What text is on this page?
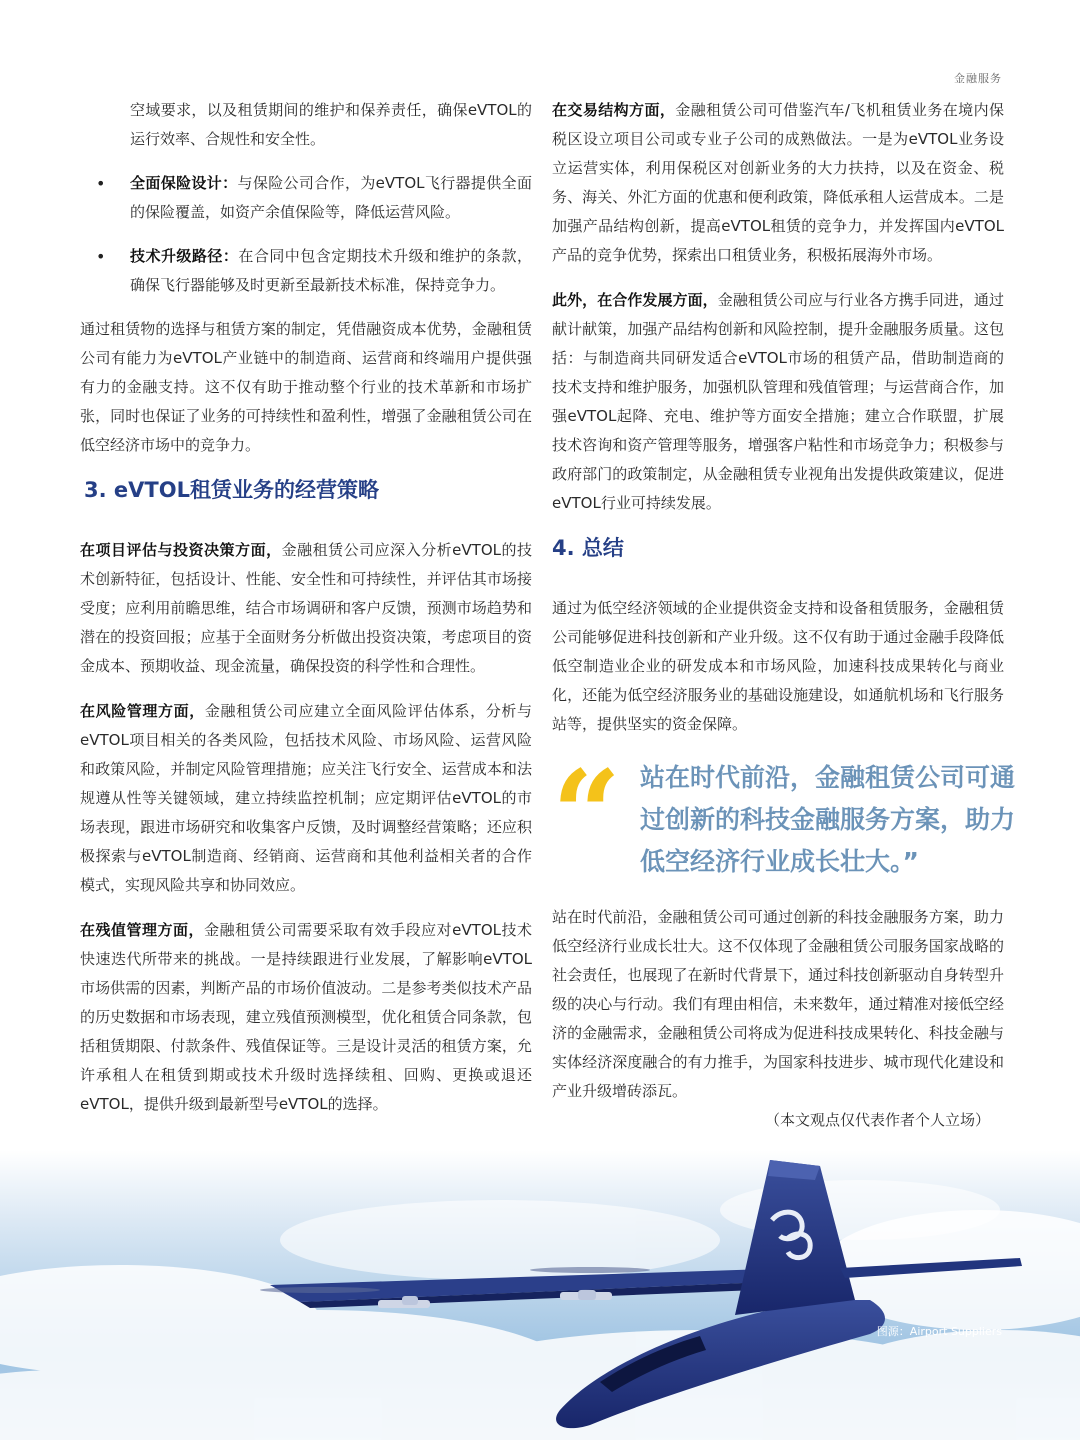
金融服务

空域要求，以及租赁期间的维护和保养责任，确保eVTOL的运行效率、合规性和安全性。

• 全面保险设计：与保险公司合作，为eVTOL飞行器提供全面的保险覆盖，如资产余值保险等，降低运营风险。

• 技术升级路径：在合同中包含定期技术升级和维护的条款，确保飞行器能够及时更新至最新技术标准，保持竞争力。

通过租赁物的选择与租赁方案的制定，凭借融资成本优势，金融租赁公司有能力为eVTOL产业链中的制造商、运营商和终端用户提供强有力的金融支持。这不仅有助于推动整个行业的技术革新和市场扩张，同时也保证了业务的可持续性和盈利性，增强了金融租赁公司在低空经济市场中的竞争力。

3. eVTOL租赁业务的经营策略

在项目评估与投资决策方面，金融租赁公司应深入分析eVTOL的技术创新特征，包括设计、性能、安全性和可持续性，并评估其市场接受度；应利用前瞻思维，结合市场调研和客户反馈，预测市场趋势和潜在的投资回报；应基于全面财务分析做出投资决策，考虑项目的资金成本、预期收益、现金流量，确保投资的科学性和合理性。

在风险管理方面，金融租赁公司应建立全面风险评估体系，分析与eVTOL项目相关的各类风险，包括技术风险、市场风险、运营风险和政策风险，并制定风险管理措施；应关注飞行安全、运营成本和法规遵从性等关键领域，建立持续监控机制；应定期评估eVTOL的市场表现，跟进市场研究和收集客户反馈，及时调整经营策略；还应积极探索与eVTOL制造商、经销商、运营商和其他利益相关者的合作模式，实现风险共享和协同效应。

在残值管理方面，金融租赁公司需要采取有效手段应对eVTOL技术快速迭代所带来的挑战。一是持续跟进行业发展，了解影响eVTOL市场供需的因素，判断产品的市场价值波动。二是参考类似技术产品的历史数据和市场表现，建立残值预测模型，优化租赁合同条款，包括租赁期限、付款条件、残值保证等。三是设计灵活的租赁方案，允许承租人在租赁到期或技术升级时选择续租、回购、更换或退还eVTOL，提供升级到最新型号eVTOL的选择。

在交易结构方面，金融租赁公司可借鉴汽车/飞机租赁业务在境内保税区设立项目公司或专业子公司的成熟做法。一是为eVTOL业务设立运营实体，利用保税区对创新业务的大力扶持，以及在资金、税务、海关、外汇方面的优惠和便利政策，降低承租人运营成本。二是加强产品结构创新，提高eVTOL租赁的竞争力，并发挥国内eVTOL产品的竞争优势，探索出口租赁业务，积极拓展海外市场。

此外，在合作发展方面，金融租赁公司应与行业各方携手同进，通过献计献策，加强产品结构创新和风险控制，提升金融服务质量。这包括：与制造商共同研发适合eVTOL市场的租赁产品，借助制造商的技术支持和维护服务，加强机队管理和残值管理；与运营商合作，加强eVTOL起降、充电、维护等方面安全措施；建立合作联盟，扩展技术咨询和资产管理等服务，增强客户粘性和市场竞争力；积极参与政府部门的政策制定，从金融租赁专业视角出发提供政策建议，促进eVTOL行业可持续发展。

4. 总结

通过为低空经济领域的企业提供资金支持和设备租赁服务，金融租赁公司能够促进科技创新和产业升级。这不仅有助于通过金融手段降低低空制造业企业的研发成本和市场风险，加速科技成果转化与商业化，还能为低空经济服务业的基础设施建设，如通航机场和飞行服务站等，提供坚实的资金保障。

“ 站在时代前沿，金融租赁公司可通过创新的科技金融服务方案，助力低空经济行业成长壮大。”

站在时代前沿，金融租赁公司可通过创新的科技金融服务方案，助力低空经济行业成长壮大。这不仅体现了金融租赁公司服务国家战略的社会责任，也展现了在新时代背景下，通过科技创新驱动自身转型升级的决心与行动。我们有理由相信，未来数年，通过精准对接低空经济的金融需求，金融租赁公司将成为促进科技成果转化、科技金融与实体经济深度融合的有力推手，为国家科技进步、城市现代化建设和产业升级增砖添瓦。

（本文观点仅代表作者个人立场）

图源：Airport Suppliers
